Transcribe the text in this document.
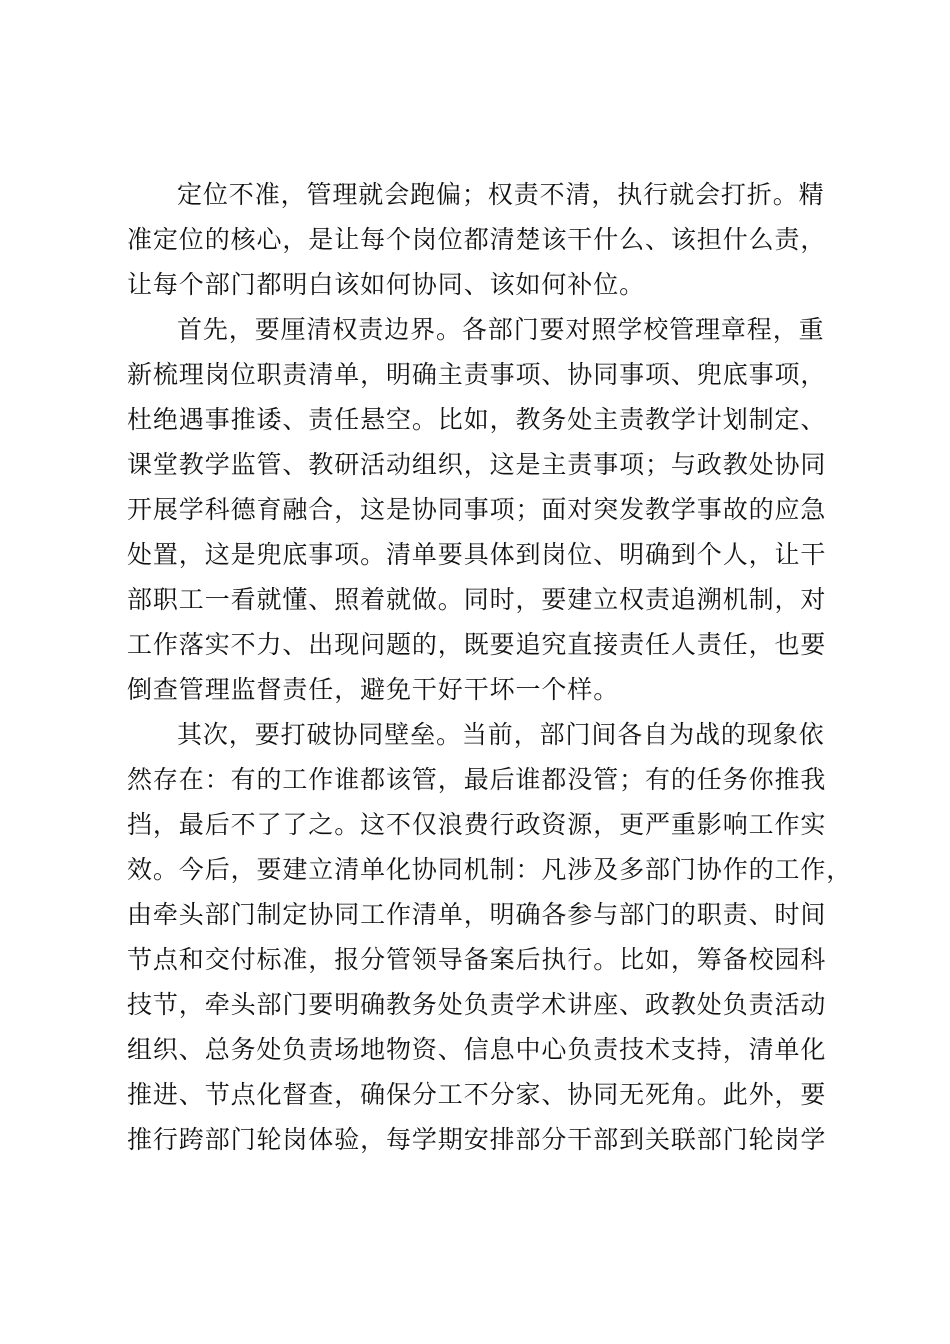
定位不准，管理就会跑偏；权责不清，执行就会打折。精
准定位的核心，是让每个岗位都清楚该干什么、该担什么责，
让每个部门都明白该如何协同、该如何补位。

首先，要厘清权责边界。各部门要对照学校管理章程，重
新梳理岗位职责清单，明确主责事项、协同事项、兜底事项，
杜绝遇事推诿、责任悬空。比如，教务处主责教学计划制定、
课堂教学监管、教研活动组织，这是主责事项；与政教处协同
开展学科德育融合，这是协同事项；面对突发教学事故的应急
处置，这是兜底事项。清单要具体到岗位、明确到个人，让干
部职工一看就懂、照着就做。同时，要建立权责追溯机制，对
工作落实不力、出现问题的，既要追究直接责任人责任，也要
倒查管理监督责任，避免干好干坏一个样。

其次，要打破协同壁垒。当前，部门间各自为战的现象依
然存在：有的工作谁都该管，最后谁都没管；有的任务你推我
挡，最后不了了之。这不仅浪费行政资源，更严重影响工作实
效。今后，要建立清单化协同机制：凡涉及多部门协作的工作，
由牵头部门制定协同工作清单，明确各参与部门的职责、时间
节点和交付标准，报分管领导备案后执行。比如，筹备校园科
技节，牵头部门要明确教务处负责学术讲座、政教处负责活动
组织、总务处负责场地物资、信息中心负责技术支持，清单化
推进、节点化督查，确保分工不分家、协同无死角。此外，要
推行跨部门轮岗体验，每学期安排部分干部到关联部门轮岗学
